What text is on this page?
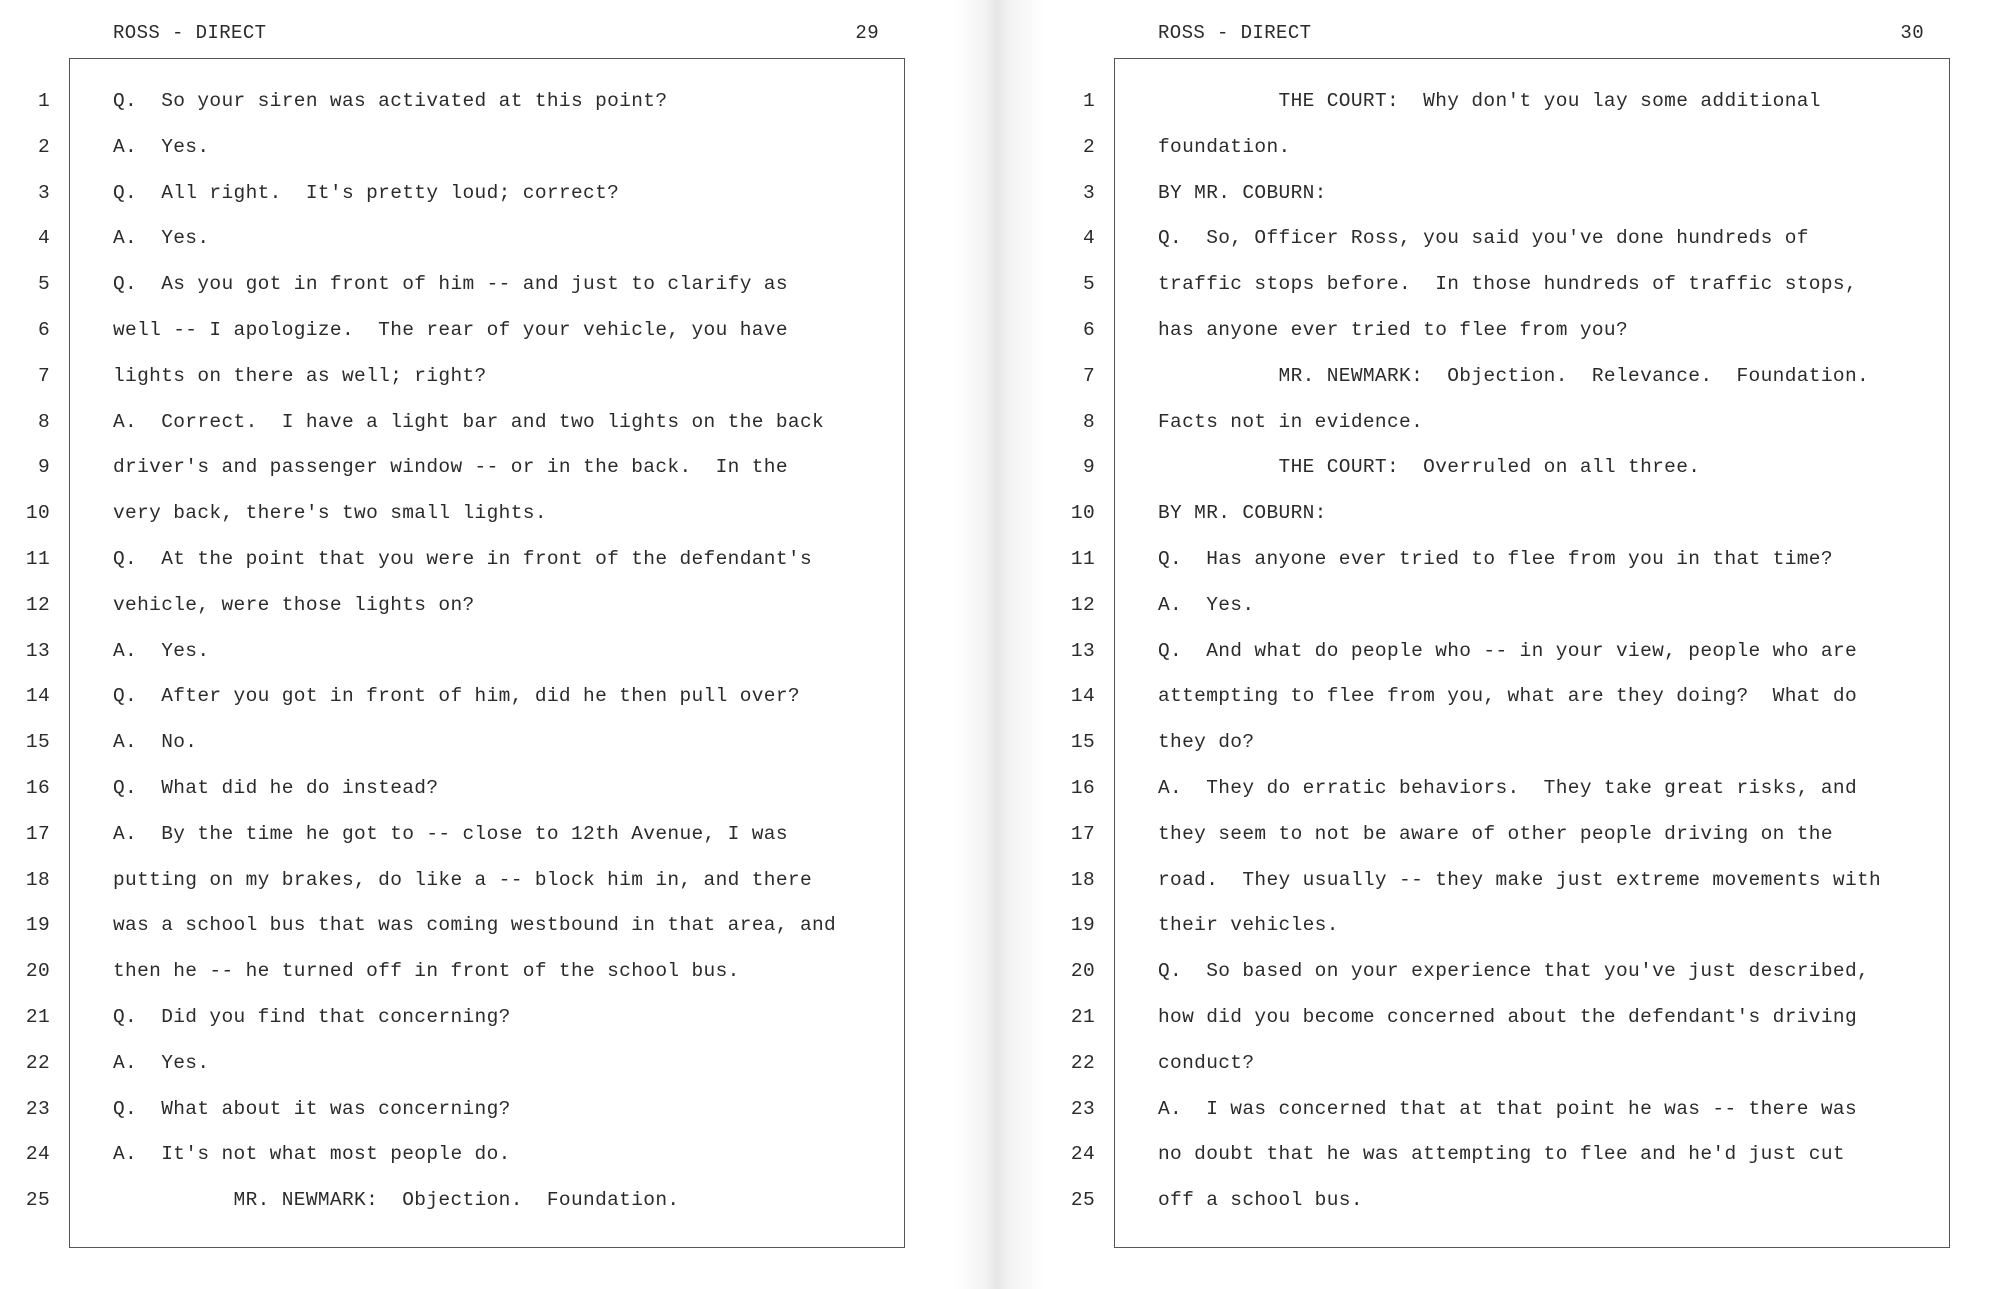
ROSS - DIRECT	29
1	Q.  So your siren was activated at this point?
2	A.  Yes.
3	Q.  All right.  It's pretty loud; correct?
4	A.  Yes.
5	Q.  As you got in front of him -- and just to clarify as
6	well -- I apologize.  The rear of your vehicle, you have
7	lights on there as well; right?
8	A.  Correct.  I have a light bar and two lights on the back
9	driver's and passenger window -- or in the back.  In the
10	very back, there's two small lights.
11	Q.  At the point that you were in front of the defendant's
12	vehicle, were those lights on?
13	A.  Yes.
14	Q.  After you got in front of him, did he then pull over?
15	A.  No.
16	Q.  What did he do instead?
17	A.  By the time he got to -- close to 12th Avenue, I was
18	putting on my brakes, do like a -- block him in, and there
19	was a school bus that was coming westbound in that area, and
20	then he -- he turned off in front of the school bus.
21	Q.  Did you find that concerning?
22	A.  Yes.
23	Q.  What about it was concerning?
24	A.  It's not what most people do.
25	MR. NEWMARK:  Objection.  Foundation.
ROSS - DIRECT	30
1	THE COURT:  Why don't you lay some additional
2	foundation.
3	BY MR. COBURN:
4	Q.  So, Officer Ross, you said you've done hundreds of
5	traffic stops before.  In those hundreds of traffic stops,
6	has anyone ever tried to flee from you?
7	MR. NEWMARK:  Objection.  Relevance.  Foundation.
8	Facts not in evidence.
9	THE COURT:  Overruled on all three.
10	BY MR. COBURN:
11	Q.  Has anyone ever tried to flee from you in that time?
12	A.  Yes.
13	Q.  And what do people who -- in your view, people who are
14	attempting to flee from you, what are they doing?  What do
15	they do?
16	A.  They do erratic behaviors.  They take great risks, and
17	they seem to not be aware of other people driving on the
18	road.  They usually -- they make just extreme movements with
19	their vehicles.
20	Q.  So based on your experience that you've just described,
21	how did you become concerned about the defendant's driving
22	conduct?
23	A.  I was concerned that at that point he was -- there was
24	no doubt that he was attempting to flee and he'd just cut
25	off a school bus.
